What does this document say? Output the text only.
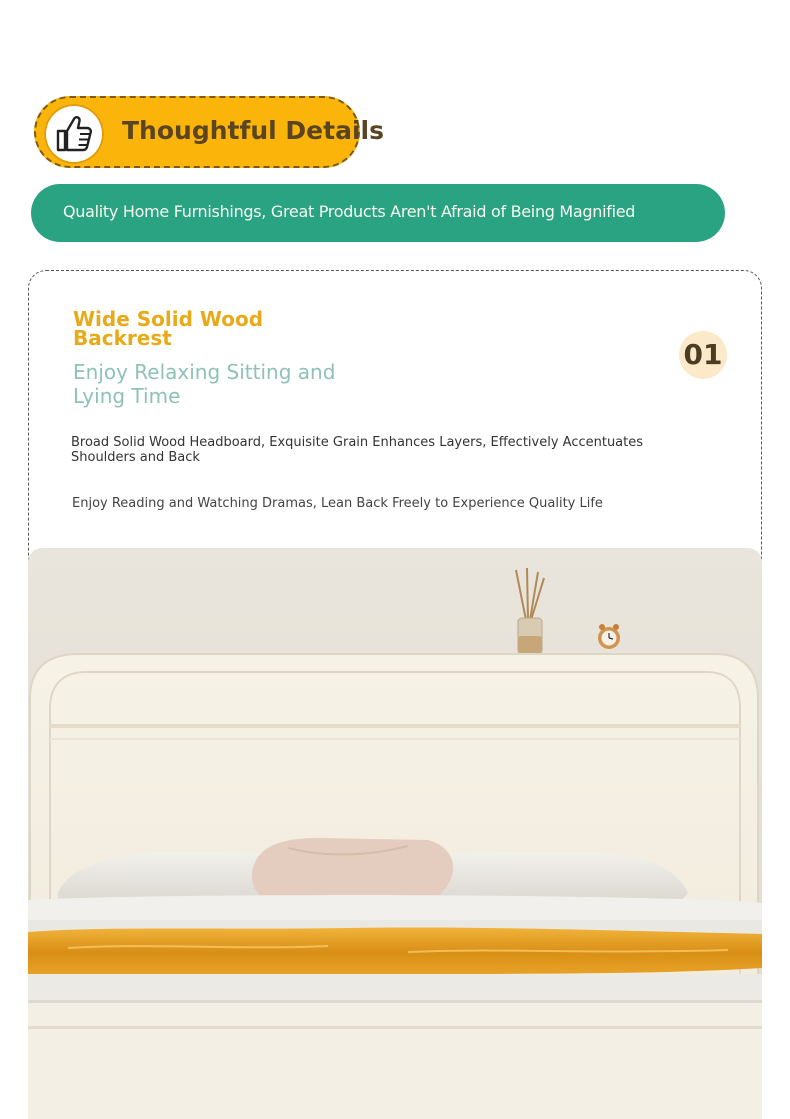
Thoughtful Details
Quality Home Furnishings, Great Products Aren't Afraid of Being Magnified
Wide Solid Wood Backrest
Enjoy Relaxing Sitting and Lying Time
01
Broad Solid Wood Headboard, Exquisite Grain Enhances Layers, Effectively Accentuates Shoulders and Back
Enjoy Reading and Watching Dramas, Lean Back Freely to Experience Quality Life
